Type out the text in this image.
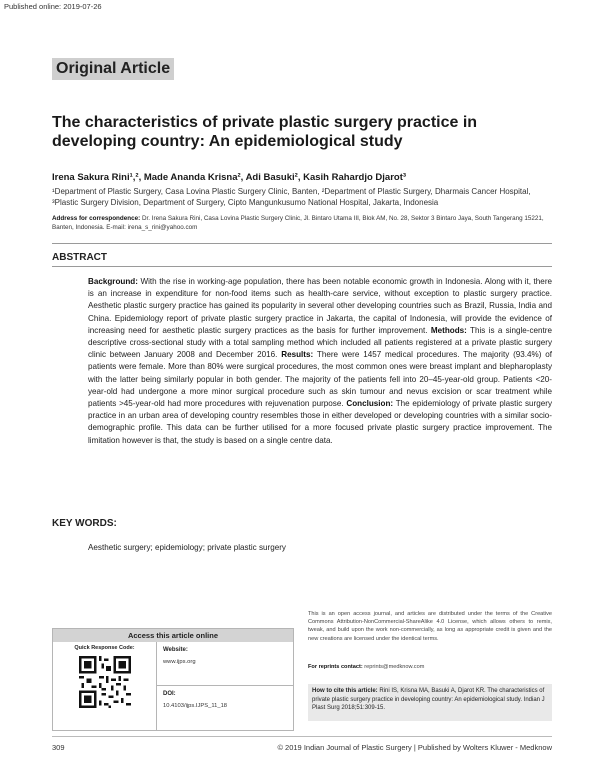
Published online: 2019-07-26
Original Article
The characteristics of private plastic surgery practice in
developing country: An epidemiological study
Irena Sakura Rini¹,², Made Ananda Krisna², Adi Basuki², Kasih Rahardjo Djarot³
¹Department of Plastic Surgery, Casa Lovina Plastic Surgery Clinic, Banten, ²Department of Plastic Surgery, Dharmais Cancer Hospital, ³Plastic Surgery Division, Department of Surgery, Cipto Mangunkusumo National Hospital, Jakarta, Indonesia
Address for correspondence: Dr. Irena Sakura Rini, Casa Lovina Plastic Surgery Clinic, Jl. Bintaro Utama III, Blok AM, No. 28, Sektor 3 Bintaro Jaya, South Tangerang 15221, Banten, Indonesia. E-mail: irena_s_rini@yahoo.com
ABSTRACT
Background: With the rise in working-age population, there has been notable economic growth in Indonesia. Along with it, there is an increase in expenditure for non-food items such as health-care service, without exception to plastic surgery practice. Aesthetic plastic surgery practice has gained its popularity in several other developing countries such as Brazil, Russia, India and China. Epidemiology report of private plastic surgery practice in Jakarta, the capital of Indonesia, will provide the evidence of increasing need for aesthetic plastic surgery practices as the basis for further improvement. Methods: This is a single-centre descriptive cross-sectional study with a total sampling method which included all patients registered at a private plastic surgery clinic between January 2008 and December 2016. Results: There were 1457 medical procedures. The majority (93.4%) of patients were female. More than 80% were surgical procedures, the most common ones were breast implant and blepharoplasty with the latter being similarly popular in both gender. The majority of the patients fell into 20–45-year-old group. Patients <20-year-old had undergone a more minor surgical procedure such as skin tumour and nevus excision or scar treatment while patients >45-year-old had more procedures with rejuvenation purpose. Conclusion: The epidemiology of private plastic surgery practice in an urban area of developing country resembles those in either developed or developing countries with a similar socio-demographic profile. This data can be further utilised for a more focused private plastic surgery practice improvement. The limitation however is that, the study is based on a single centre data.
KEY WORDS:
Aesthetic surgery; epidemiology; private plastic surgery
Access this article online
Quick Response Code:	Website:
www.ijps.org
DOI:
10.4103/ijps.IJPS_11_18
This is an open access journal, and articles are distributed under the terms of the Creative Commons Attribution-NonCommercial-ShareAlike 4.0 License, which allows others to remix, tweak, and build upon the work non-commercially, as long as appropriate credit is given and the new creations are licensed under the identical terms.
For reprints contact: reprints@medknow.com
How to cite this article: Rini IS, Krisna MA, Basuki A, Djarot KR. The characteristics of private plastic surgery practice in developing country: An epidemiological study. Indian J Plast Surg 2018;51:309-15.
309	© 2019 Indian Journal of Plastic Surgery | Published by Wolters Kluwer - Medknow
